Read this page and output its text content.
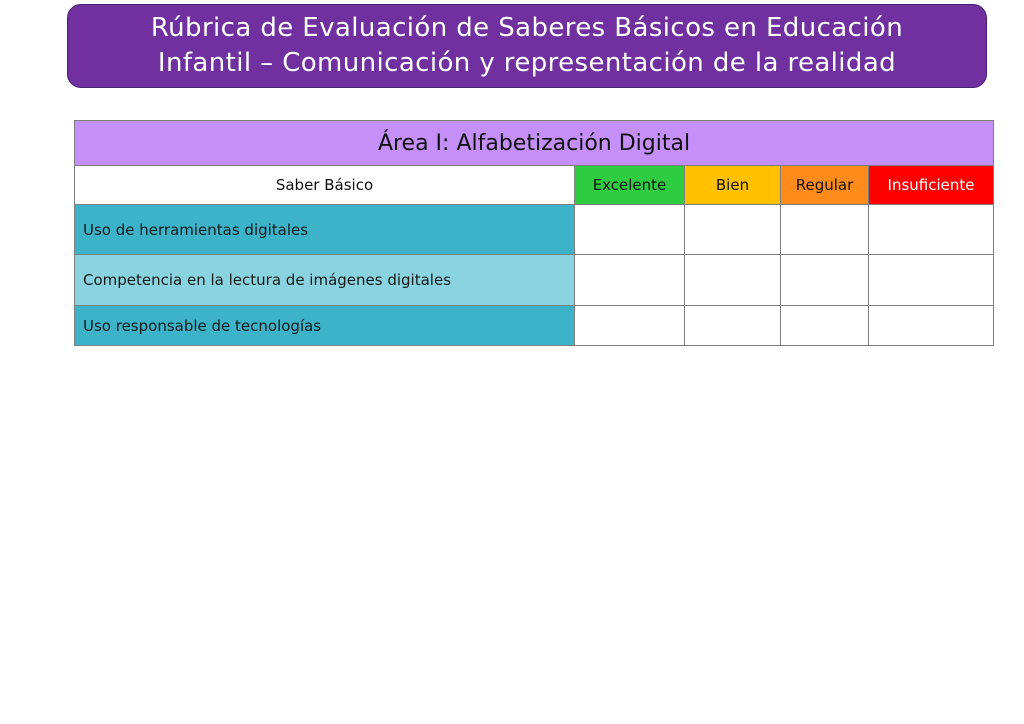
Rúbrica de Evaluación de Saberes Básicos en Educación
Infantil – Comunicación y representación de la realidad
Área I: Alfabetización Digital				
Saber Básico	Excelente	Bien	Regular	Insuficiente
Uso de herramientas digitales				
Competencia en la lectura de imágenes digitales				
Uso responsable de tecnologías				
